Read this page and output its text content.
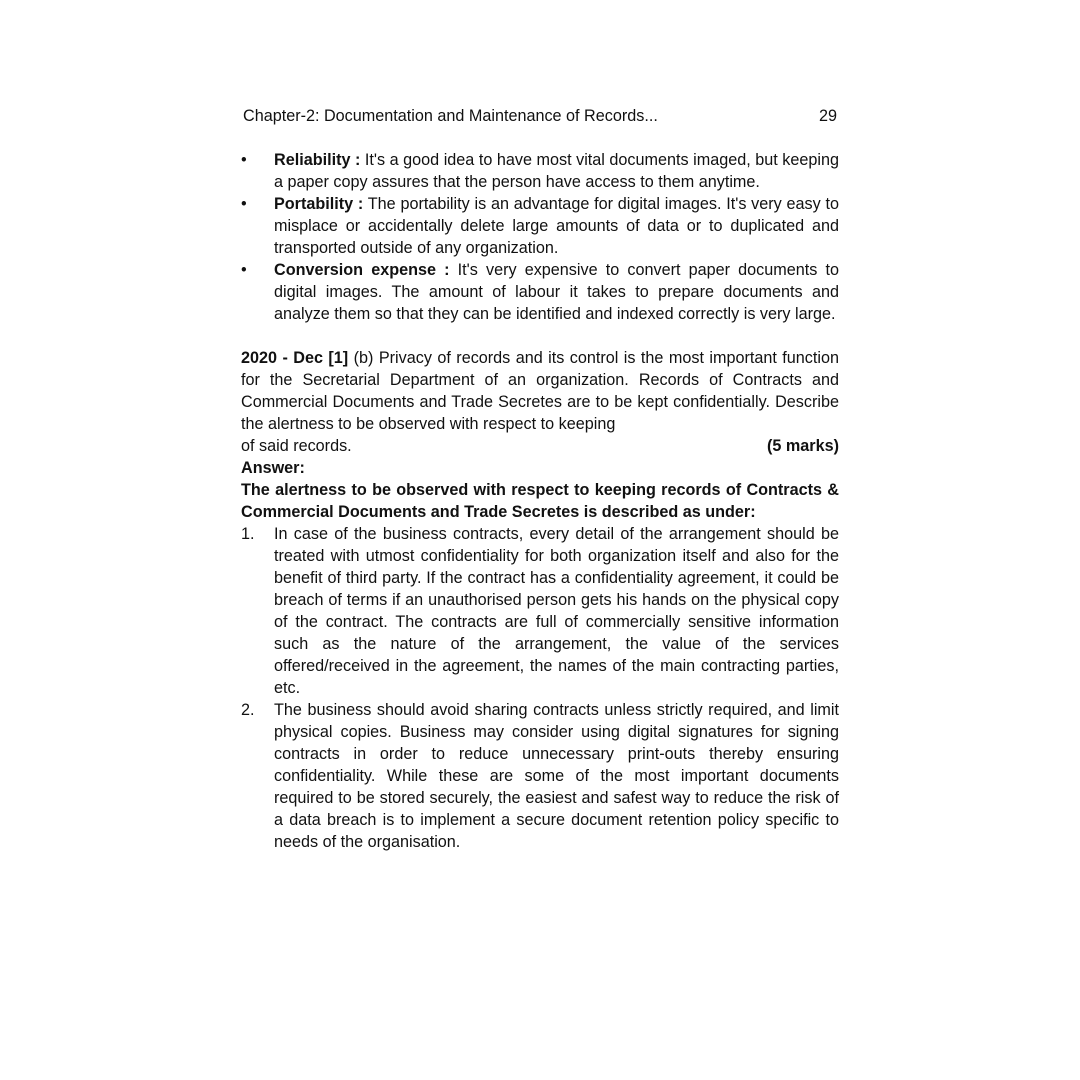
Chapter-2: Documentation and Maintenance of Records...	29
•	Reliability : It's a good idea to have most vital documents imaged, but keeping a paper copy assures that the person have access to them anytime.
•	Portability : The portability is an advantage for digital images. It's very easy to misplace or accidentally delete large amounts of data or to duplicated and transported outside of any organization.
•	Conversion expense : It's very expensive to convert paper documents to digital images. The amount of labour it takes to prepare documents and analyze them so that they can be identified and indexed correctly is very large.
2020 - Dec [1] (b) Privacy of records and its control is the most important function for the Secretarial Department of an organization. Records of Contracts and Commercial Documents and Trade Secretes are to be kept confidentially. Describe the alertness to be observed with respect to keeping
of said records.	(5 marks)
Answer:
The alertness to be observed with respect to keeping records of Contracts & Commercial Documents and Trade Secretes is described as under:
1.	In case of the business contracts, every detail of the arrangement should be treated with utmost confidentiality for both organization itself and also for the benefit of third party. If the contract has a confidentiality agreement, it could be breach of terms if an unauthorised person gets his hands on the physical copy of the contract. The contracts are full of commercially sensitive information such as the nature of the arrangement, the value of the services offered/received in the agreement, the names of the main contracting parties, etc.
2.	The business should avoid sharing contracts unless strictly required, and limit physical copies. Business may consider using digital signatures for signing contracts in order to reduce unnecessary print-outs thereby ensuring confidentiality. While these are some of the most important documents required to be stored securely, the easiest and safest way to reduce the risk of a data breach is to implement a secure document retention policy specific to needs of the organisation.
